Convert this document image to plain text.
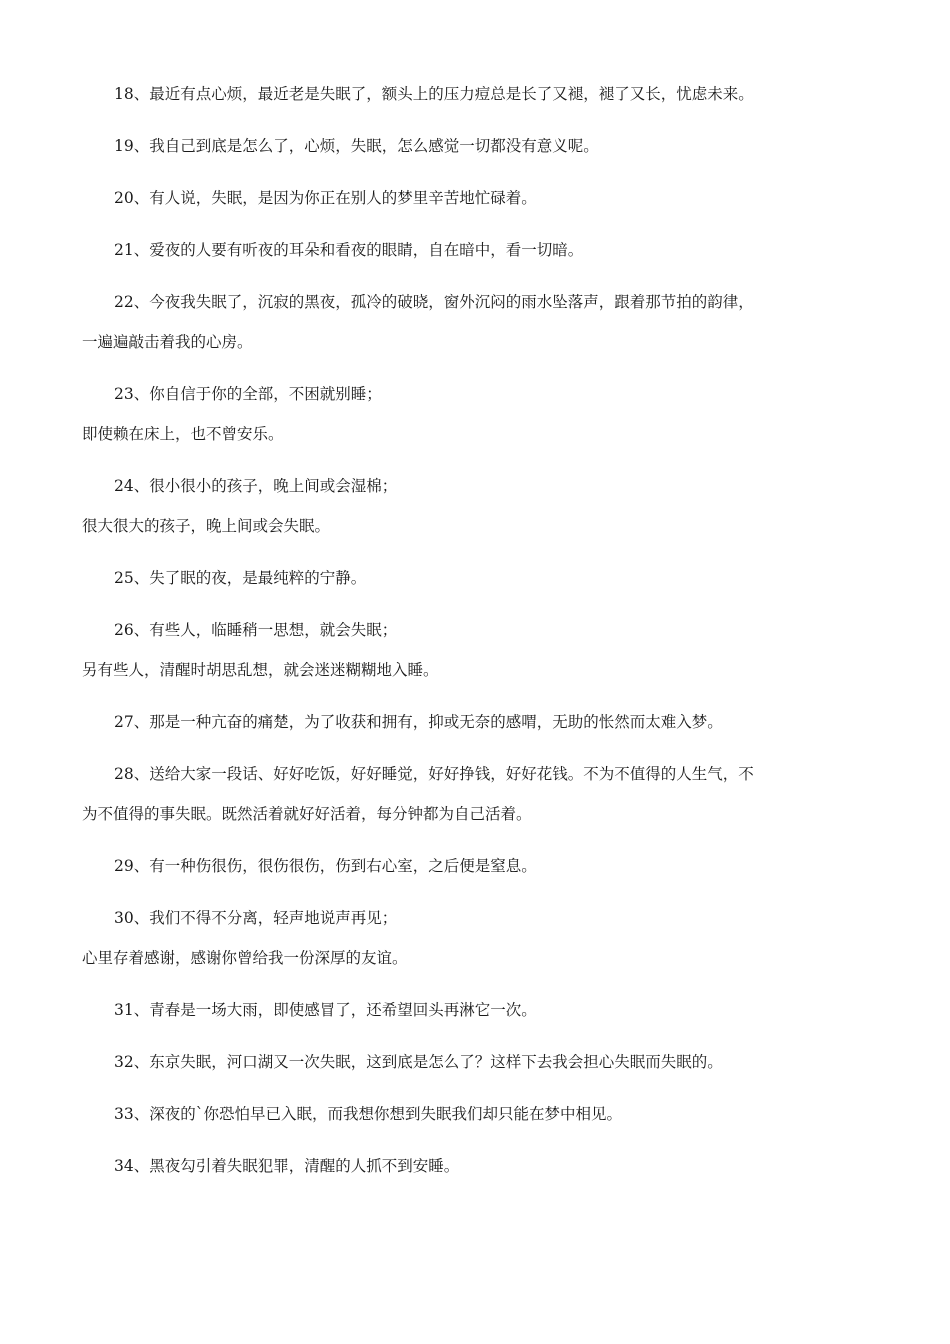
18、最近有点心烦，最近老是失眠了，额头上的压力痘总是长了又褪，褪了又长，忧虑未来。

19、我自己到底是怎么了，心烦，失眠，怎么感觉一切都没有意义呢。

20、有人说，失眠，是因为你正在别人的梦里辛苦地忙碌着。

21、爱夜的人要有听夜的耳朵和看夜的眼睛，自在暗中，看一切暗。

22、今夜我失眠了，沉寂的黑夜，孤冷的破晓，窗外沉闷的雨水坠落声，跟着那节拍的韵律，
一遍遍敲击着我的心房。

23、你自信于你的全部，不困就别睡；
即使赖在床上，也不曾安乐。

24、很小很小的孩子，晚上间或会湿棉；
很大很大的孩子，晚上间或会失眠。

25、失了眠的夜，是最纯粹的宁静。

26、有些人，临睡稍一思想，就会失眠；
另有些人，清醒时胡思乱想，就会迷迷糊糊地入睡。

27、那是一种亢奋的痛楚，为了收获和拥有，抑或无奈的感喟，无助的怅然而太难入梦。

28、送给大家一段话、好好吃饭，好好睡觉，好好挣钱，好好花钱。不为不值得的人生气，不
为不值得的事失眠。既然活着就好好活着，每分钟都为自己活着。

29、有一种伤很伤，很伤很伤，伤到右心室，之后便是窒息。

30、我们不得不分离，轻声地说声再见；
心里存着感谢，感谢你曾给我一份深厚的友谊。

31、青春是一场大雨，即使感冒了，还希望回头再淋它一次。

32、东京失眠，河口湖又一次失眠，这到底是怎么了？这样下去我会担心失眠而失眠的。

33、深夜的`你恐怕早已入眠，而我想你想到失眠我们却只能在梦中相见。

34、黑夜勾引着失眠犯罪，清醒的人抓不到安睡。
